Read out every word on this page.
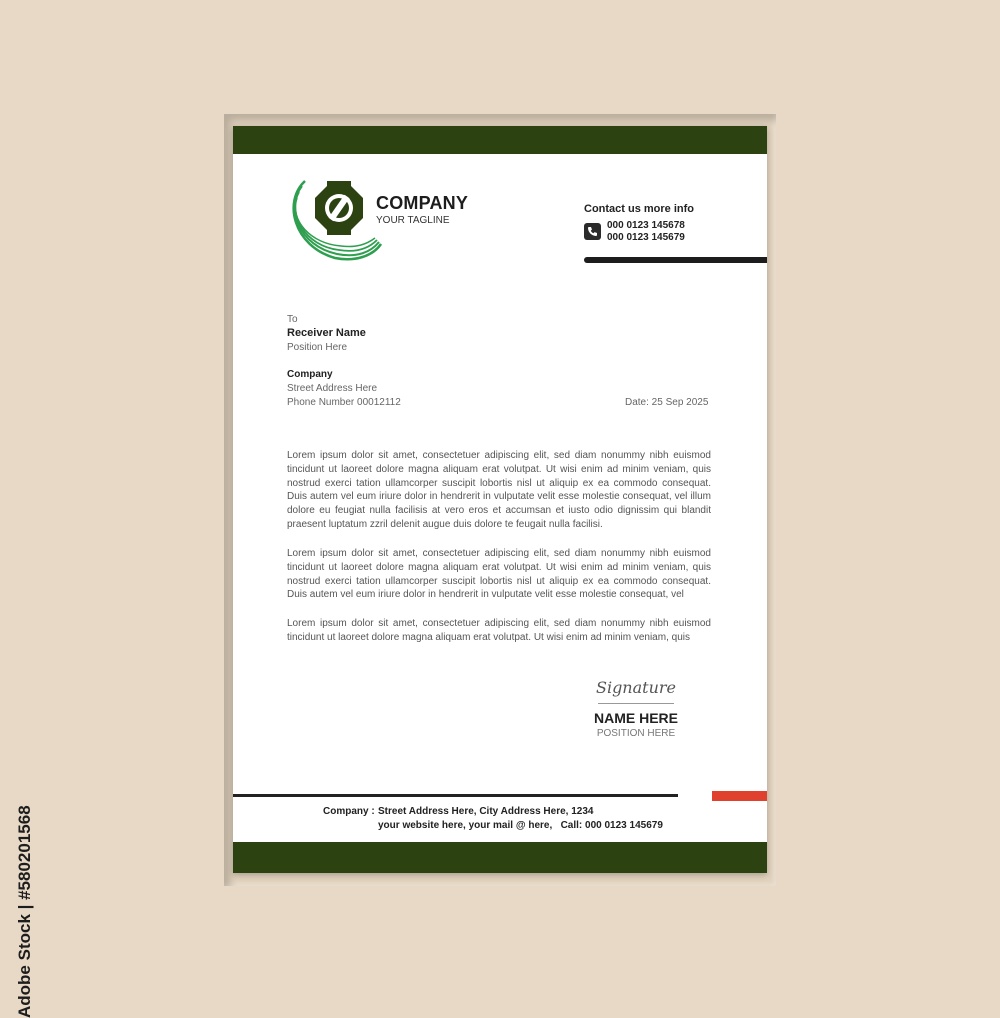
COMPANY
YOUR TAGLINE
Contact us more info
000 0123 145678
000 0123 145679
To
Receiver Name
Position Here
Company
Street Address Here
Phone Number 00012112	Date: 25 Sep 2025
Lorem ipsum dolor sit amet, consectetuer adipiscing elit, sed diam nonummy nibh euismod tincidunt ut laoreet dolore magna aliquam erat volutpat. Ut wisi enim ad minim veniam, quis nostrud exerci tation ullamcorper suscipit lobortis nisl ut aliquip ex ea commodo consequat. Duis autem vel eum iriure dolor in hendrerit in vulputate velit esse molestie consequat, vel illum dolore eu feugiat nulla facilisis at vero eros et accumsan et iusto odio dignissim qui blandit praesent luptatum zzril delenit augue duis dolore te feugait nulla facilisi.
Lorem ipsum dolor sit amet, consectetuer adipiscing elit, sed diam nonummy nibh euismod tincidunt ut laoreet dolore magna aliquam erat volutpat. Ut wisi enim ad minim veniam, quis nostrud exerci tation ullamcorper suscipit lobortis nisl ut aliquip ex ea commodo consequat. Duis autem vel eum iriure dolor in hendrerit in vulputate velit esse molestie consequat, vel
Lorem ipsum dolor sit amet, consectetuer adipiscing elit, sed diam nonummy nibh euismod tincidunt ut laoreet dolore magna aliquam erat volutpat. Ut wisi enim ad minim veniam, quis
Signature
NAME HERE
POSITION HERE
Company : Street Address Here, City Address Here, 1234
your website here, your mail @ here,   Call: 000 0123 145679
Adobe Stock | #580201568
